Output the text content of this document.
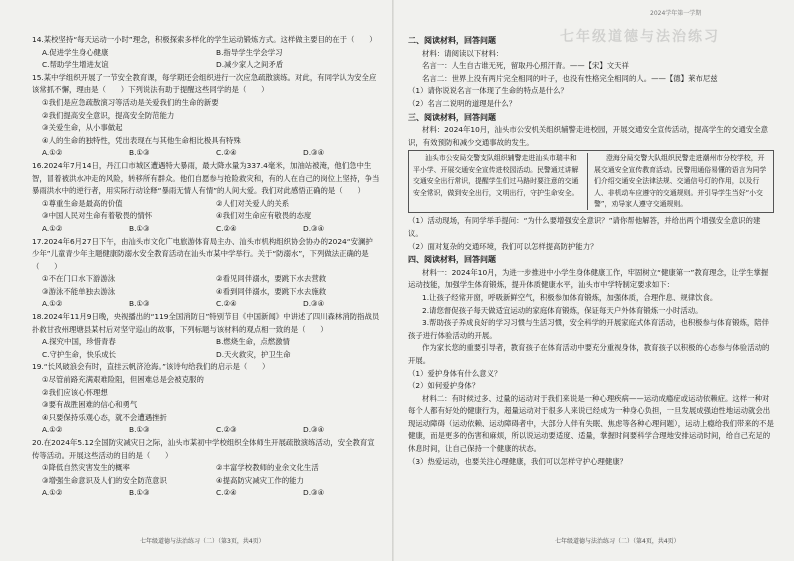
2024学年第一学期
七年级道德与法治练习
14.某校坚持“每天运动一小时”理念，积极探索多样化的学生运动锻炼方式。这样做主要目的在于（　　）
A.促进学生身心健康	B.指导学生学会学习
C.帮助学生增进友谊	D.减少家人之间矛盾
15.某中学组织开展了一节安全教育课，每学期还会组织进行一次应急疏散演练。对此，有同学认为安全应该常抓不懈，理由是（　　）下列说法有助于提醒这些同学的是（　　）
①我们是应急疏散演习等活动是关爱我们的生命的新要
②我们提高安全意识，提高安全防范能力
③关爱生命，从小事做起
④人的生命的独特性，凭出表现在与其他生命相比极具有特殊
A.①②	B.①③	C.②④	D.③④
16.2024年7月14日，丹江口市城区遭遇特大暴雨，最大降水量为337.4毫米，加油站被淹，他们急中生智，冒着被洪水冲走的风险，转移所有群众。他们自愿参与抢险救灾和，有的人在自己的岗位上坚持，争当暴雨洪水中的逆行者，用实际行动诠释“暴雨无情人有情”的人间大爱。我们对此感悟正确的是（　　）
①尊重生命是最高的价值	②人们对关爱人的关系
③中国人民对生命有着敬畏的情怀	④我们对生命应有敬畏的态度
A.①②	B.①③	C.②④	D.③④
17.2024年6月27日下午，由汕头市文化广电旅游体育局主办、汕头市机构组织协会协办的2024“安澜护 少年”儿童青少年主题健康防溺水安全教育活动在汕头市某中学举行。关于“防溺水”，下列做法正确的是（　　）
①不在门口水下游游泳	②看见同伴溺水，要跳下水去营救
③游泳不能单独去游泳	④看到同伴溺水，要跳下水去施救
A.①②	B.①③	C.②④	D.③④
18.2024年11月9日晚，央视播出的“119全国消防日”特别节目《中国新闻》中讲述了四川森林消防指战员扑救甘孜州理塘县某村后对坚守巡山的故事，下列标题与该材料的观点相一致的是（　　）
A.探究中国，珍惜青春	B.燃烧生命，点燃激情
C.守护生命，快乐成长	D.天火救灾，护卫生命
19.“长风破浪会有时，直挂云帆济沧海。”该诗句给我们的启示是（　　）
①尽管前路充满艰难险阻，但困难总是会被克服的
②我们应该心怀理想
③要有战胜困难的信心和勇气
④只要保持乐观心态，就不会遭遇挫折
A.①②	B.①③	C.②③	D.③④
20.在2024年5.12全国防灾减灾日之际，汕头市某初中学校组织全体师生开展疏散演练活动，安全教育宣传等活动。开展这些活动的目的是（　　）
①降低自然灾害发生的概率	②丰富学校教师的业余文化生活
③增强生命意识及人们的安全防范意识	④提高防灾减灾工作的能力
A.①②	B.①③	C.②④	D.③④
七年级道德与法治练习（二）（第3页，共4页）
二、阅读材料，回答问题
材料：请阅读以下材料：
名言一：人生自古谁无死，留取丹心照汗青。——【宋】文天祥
名言二：世界上没有两片完全相同的叶子，也没有性格完全相同的人。——【德】莱布尼兹
（1）请你说说名言一体现了生命的特点是什么？
（2）名言二说明的道理是什么？
三、阅读材料，回答问题
材料：2024年10月，汕头市公安机关组织辅警走进校园，开展交通安全宣传活动，提高学生的交通安全意识，有效预防和减少交通事故的发生。
汕头市公安局交警支队组织辅警走进汕头市瑞丰和平小学、开展交通安全宣传进校园活动。民警通过讲解交通安全出行常识，提醒学生们过马路时要注意的交通安全常识，做到安全出行，文明出行，守护生命安全。
澄海分局交警大队组织民警走进潮州市分校学校，开展交通安全宣传教育活动。民警用通俗易懂的语言为同学们介绍交通安全法律法规、交通信号灯的作用，以及行人、非机动车应遵守的交通规则。并引导学生当好“小交警”，劝导家人遵守交通规则。
（1）活动现场，有同学举手提问：“为什么要增强安全意识？”请你帮他解答，并给出两个增强安全意识的建议。
（2）面对复杂的交通环境，我们可以怎样提高防护能力？
四、阅读材料，回答问题
材料一：2024年10月，为进一步推进中小学生身体健康工作，牢固树立“健康第一”教育理念，让学生掌握运动技能，加强学生体育锻炼，提升体质健康水平，汕头市中学特制定要求如下：
1.让孩子经常开窗，呼吸新鲜空气，积极参加体育锻炼，加强体质，合理作息、规律饮食。
2.请您督促孩子每天做适宜运动的家庭体育锻炼，保证每天户外体育锻炼一小时活动。
3.帮助孩子养成良好的学习习惯与生活习惯，安全科学的开展家庭式体育活动，也积极参与体育锻炼，陪伴孩子进行体验活动的开展。
作为家长您的重要引导者，教育孩子在体育活动中要充分重视身体，教育孩子以积极的心态参与体验活动的开展。
（1）爱护身体有什么意义？
（2）如何爱护身体？
材料二：有时候过多、过量的运动对于我们来说是一种心理疾病——运动成瘾症或运动依赖症。这样一种对每个人都有好处的健康行为，超量运动对于很多人来说已经成为一种身心负担，一旦发展成强迫性地运动就会出现运动障碍（运动依赖、运动障碍者中，大部分人伴有失眠、焦虑等各种心理问题），运动上瘾给我们带来的不是健康，而是更多的伤害和麻烦，所以说运动要适度、适量，掌握时间要科学合理地安排运动时间，给自己充足的休息时间，让自己保持一个健康的状态。
（3）热爱运动，也要关注心理健康，我们可以怎样守护心理健康？
七年级道德与法治练习（二）（第4页，共4页）
